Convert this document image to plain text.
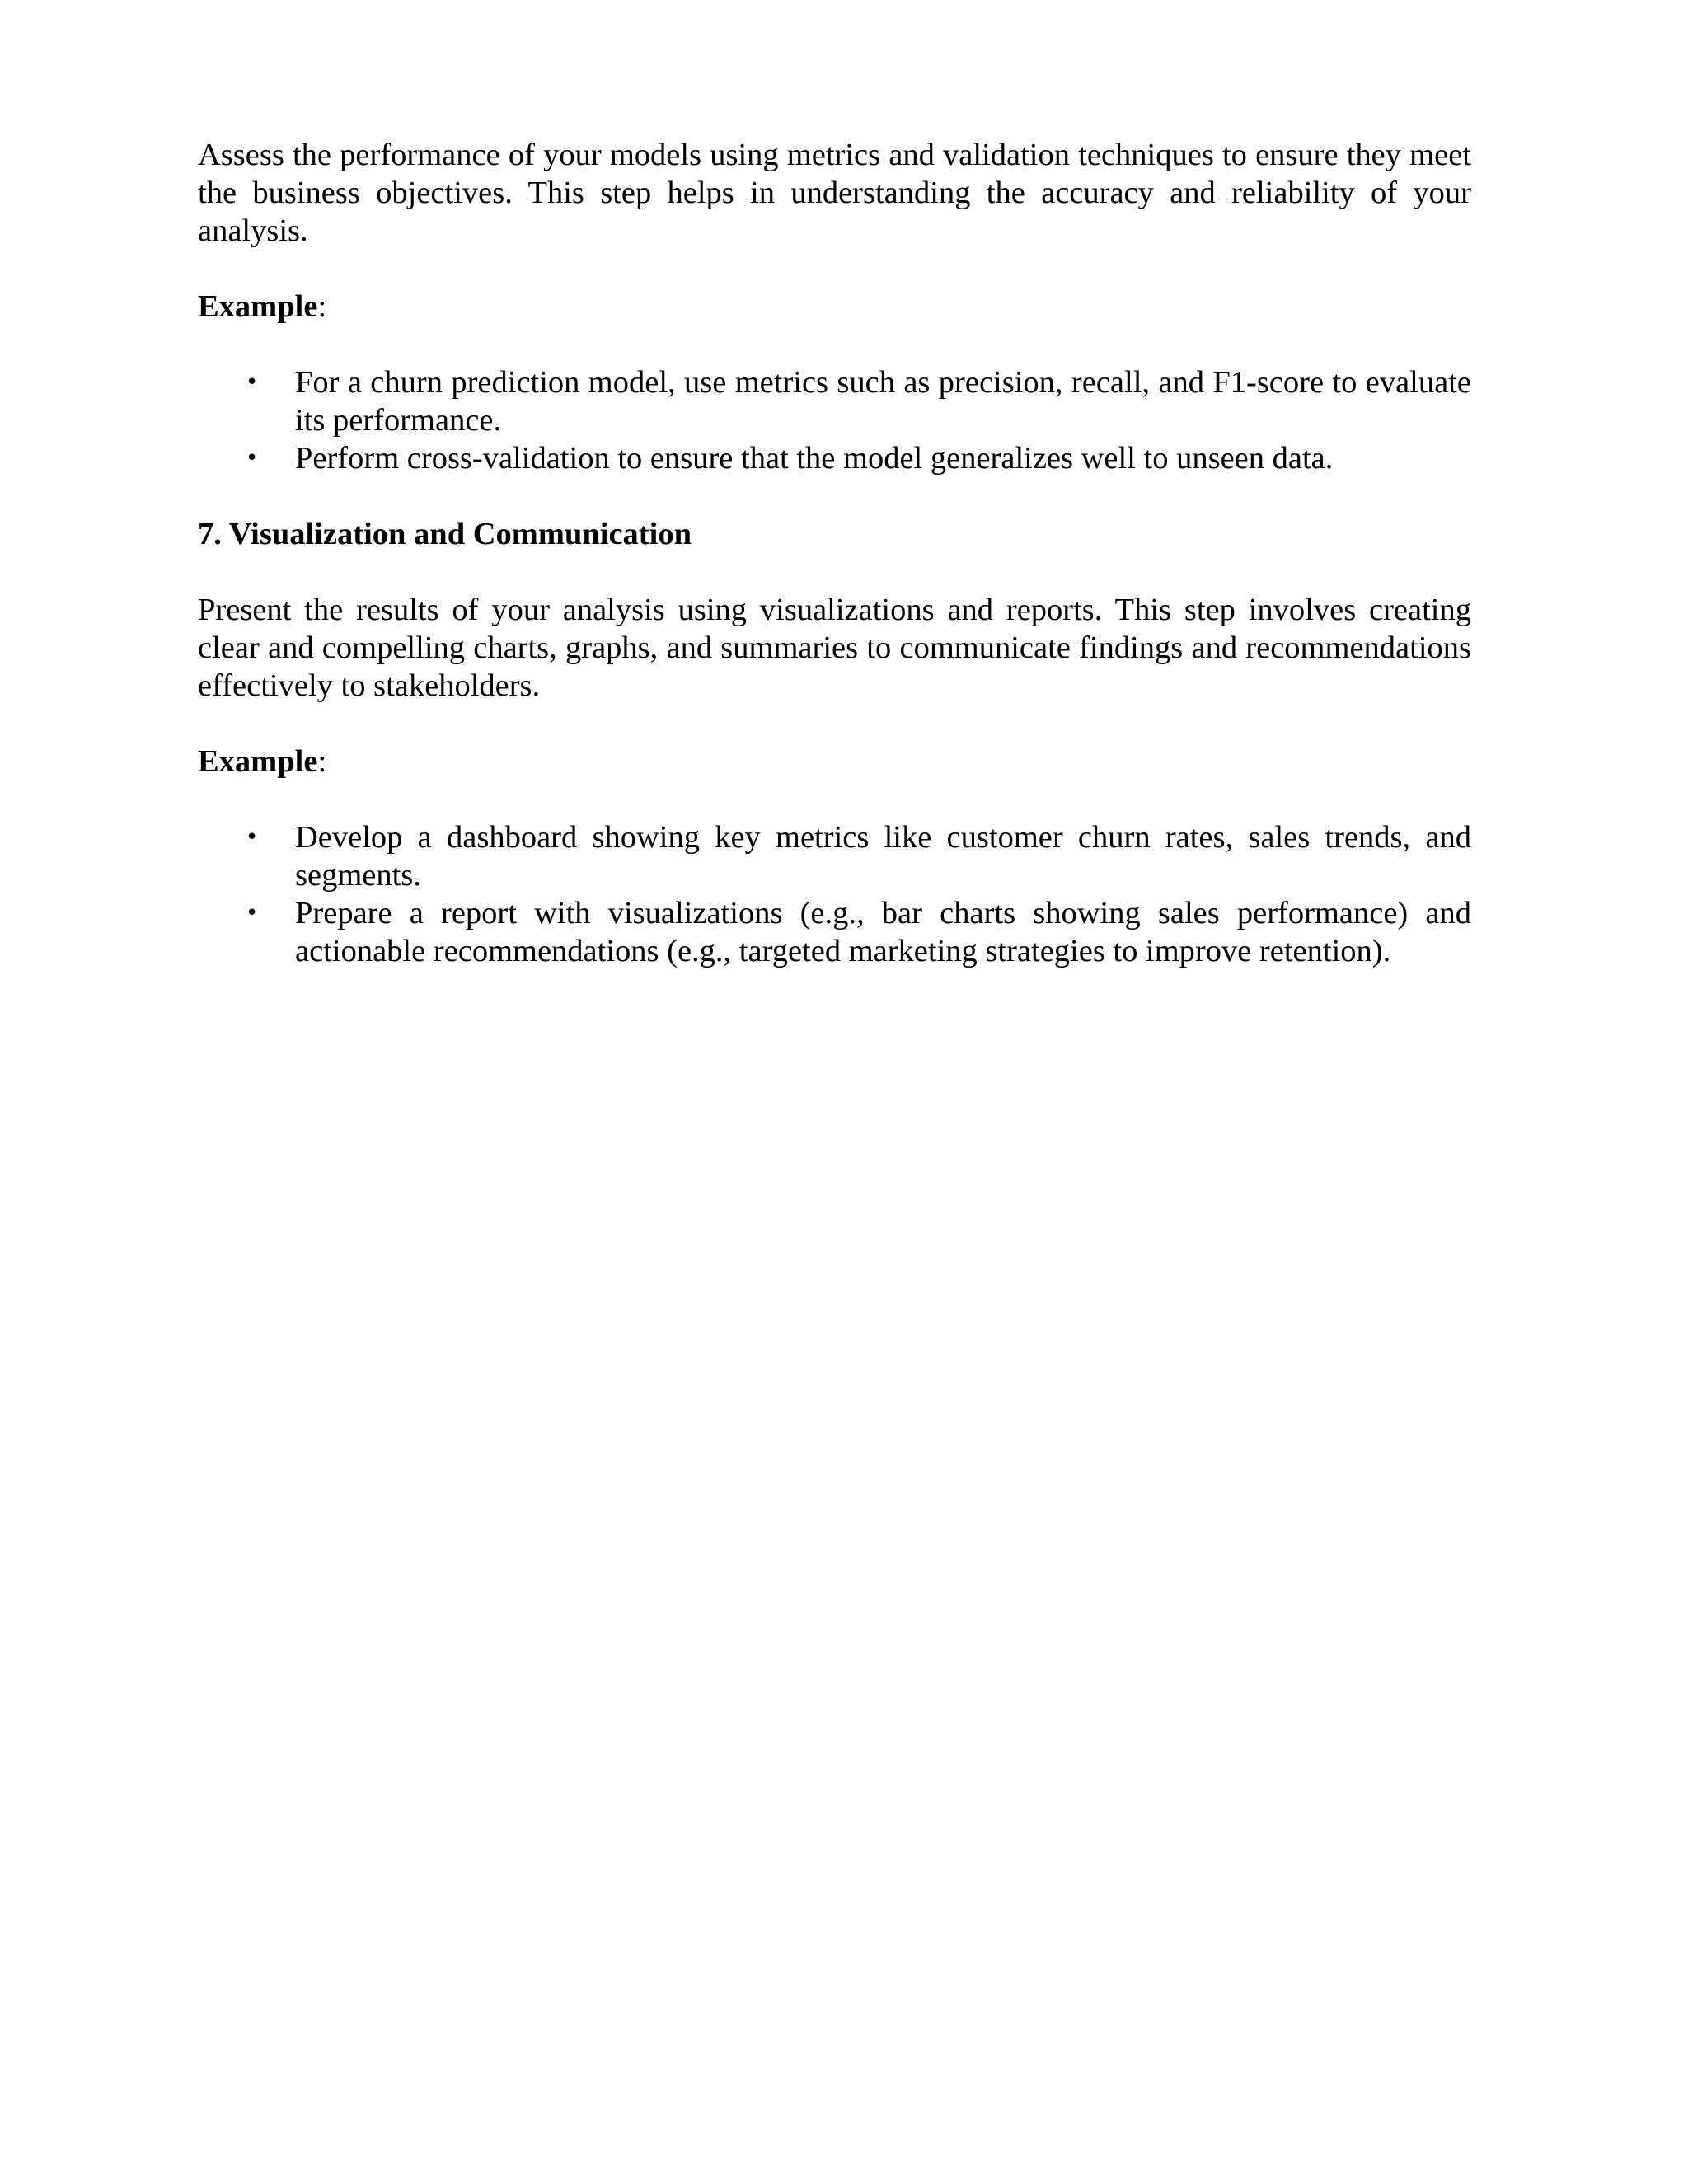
Assess the performance of your models using metrics and validation techniques to ensure they meet the business objectives. This step helps in understanding the accuracy and reliability of your analysis.

Example:

• For a churn prediction model, use metrics such as precision, recall, and F1-score to evaluate its performance.
• Perform cross-validation to ensure that the model generalizes well to unseen data.

7. Visualization and Communication

Present the results of your analysis using visualizations and reports. This step involves creating clear and compelling charts, graphs, and summaries to communicate findings and recommendations effectively to stakeholders.

Example:

• Develop a dashboard showing key metrics like customer churn rates, sales trends, and segments.
• Prepare a report with visualizations (e.g., bar charts showing sales performance) and actionable recommendations (e.g., targeted marketing strategies to improve retention).
